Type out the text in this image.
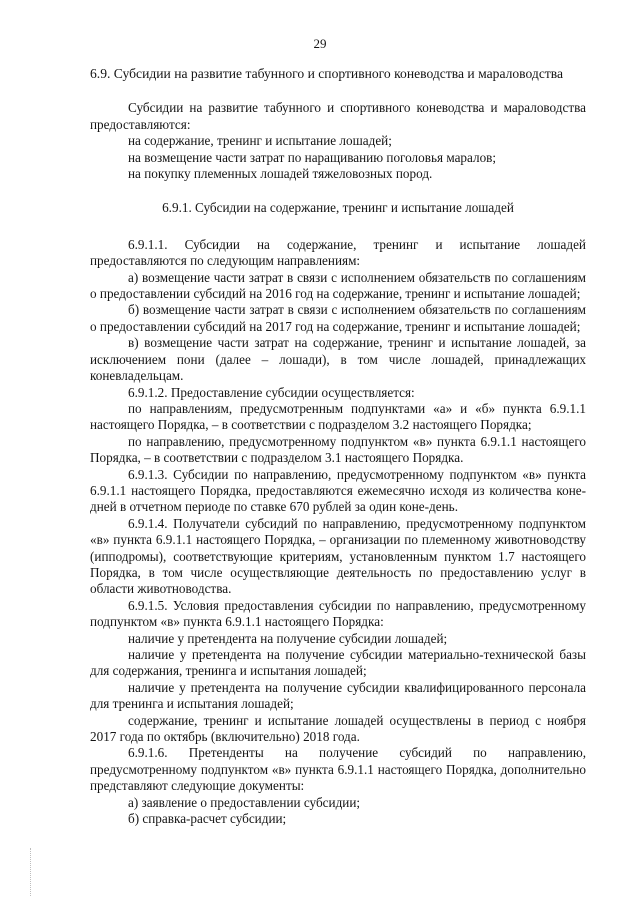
29

6.9. Субсидии на развитие табунного и спортивного коневодства и мараловодства

Субсидии на развитие табунного и спортивного коневодства и мараловодства предоставляются:

на содержание, тренинг и испытание лошадей;

на возмещение части затрат по наращиванию поголовья маралов;

на покупку племенных лошадей тяжеловозных пород.

6.9.1. Субсидии на содержание, тренинг и испытание лошадей

6.9.1.1. Субсидии на содержание, тренинг и испытание лошадей предоставляются по следующим направлениям:

а) возмещение части затрат в связи с исполнением обязательств по соглашениям о предоставлении субсидий на 2016 год на содержание, тренинг и испытание лошадей;

б) возмещение части затрат в связи с исполнением обязательств по соглашениям о предоставлении субсидий на 2017 год на содержание, тренинг и испытание лошадей;

в) возмещение части затрат на содержание, тренинг и испытание лошадей, за исключением пони (далее – лошади), в том числе лошадей, принадлежащих коневладельцам.

6.9.1.2. Предоставление субсидии осуществляется:

по направлениям, предусмотренным подпунктами «а» и «б» пункта 6.9.1.1 настоящего Порядка, – в соответствии с подразделом 3.2 настоящего Порядка;

по направлению, предусмотренному подпунктом «в» пункта 6.9.1.1 настоящего Порядка, – в соответствии с подразделом 3.1 настоящего Порядка.

6.9.1.3. Субсидии по направлению, предусмотренному подпунктом «в» пункта 6.9.1.1 настоящего Порядка, предоставляются ежемесячно исходя из количества коне-дней в отчетном периоде по ставке 670 рублей за один коне-день.

6.9.1.4. Получатели субсидий по направлению, предусмотренному подпунктом «в» пункта 6.9.1.1 настоящего Порядка, – организации по племенному животноводству (ипподромы), соответствующие критериям, установленным пунктом 1.7 настоящего Порядка, в том числе осуществляющие деятельность по предоставлению услуг в области животноводства.

6.9.1.5. Условия предоставления субсидии по направлению, предусмотренному подпунктом «в» пункта 6.9.1.1 настоящего Порядка:

наличие у претендента на получение субсидии лошадей;

наличие у претендента на получение субсидии материально-технической базы для содержания, тренинга и испытания лошадей;

наличие у претендента на получение субсидии квалифицированного персонала для тренинга и испытания лошадей;

содержание, тренинг и испытание лошадей осуществлены в период с ноября 2017 года по октябрь (включительно) 2018 года.

6.9.1.6. Претенденты на получение субсидий по направлению, предусмотренному подпунктом «в» пункта 6.9.1.1 настоящего Порядка, дополнительно представляют следующие документы:

а) заявление о предоставлении субсидии;

б) справка-расчет субсидии;
